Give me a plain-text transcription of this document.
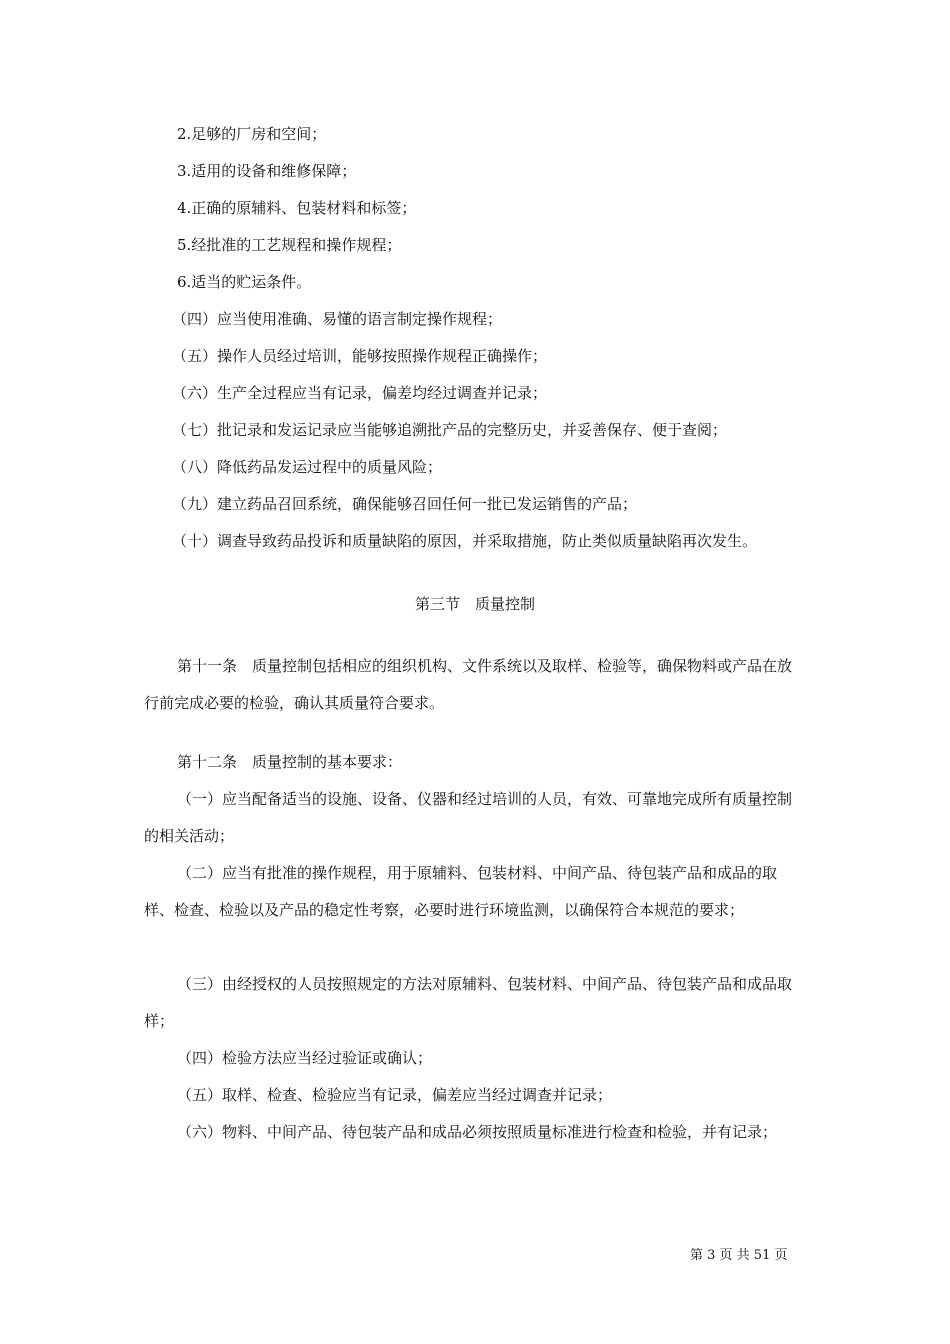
2.足够的厂房和空间；

3.适用的设备和维修保障；

4.正确的原辅料、包装材料和标签；

5.经批准的工艺规程和操作规程；

6.适当的贮运条件。

（四）应当使用准确、易懂的语言制定操作规程；

（五）操作人员经过培训，能够按照操作规程正确操作；

（六）生产全过程应当有记录，偏差均经过调查并记录；

（七）批记录和发运记录应当能够追溯批产品的完整历史，并妥善保存、便于查阅；

（八）降低药品发运过程中的质量风险；

（九）建立药品召回系统，确保能够召回任何一批已发运销售的产品；

（十）调查导致药品投诉和质量缺陷的原因，并采取措施，防止类似质量缺陷再次发生。

第三节　质量控制

第十一条　质量控制包括相应的组织机构、文件系统以及取样、检验等，确保物料或产品在放行前完成必要的检验，确认其质量符合要求。

第十二条　质量控制的基本要求：

（一）应当配备适当的设施、设备、仪器和经过培训的人员，有效、可靠地完成所有质量控制的相关活动；

（二）应当有批准的操作规程，用于原辅料、包装材料、中间产品、待包装产品和成品的取样、检查、检验以及产品的稳定性考察，必要时进行环境监测，以确保符合本规范的要求；

（三）由经授权的人员按照规定的方法对原辅料、包装材料、中间产品、待包装产品和成品取样；

（四）检验方法应当经过验证或确认；

（五）取样、检查、检验应当有记录，偏差应当经过调查并记录；

（六）物料、中间产品、待包装产品和成品必须按照质量标准进行检查和检验，并有记录；

第 3 页 共 51 页
